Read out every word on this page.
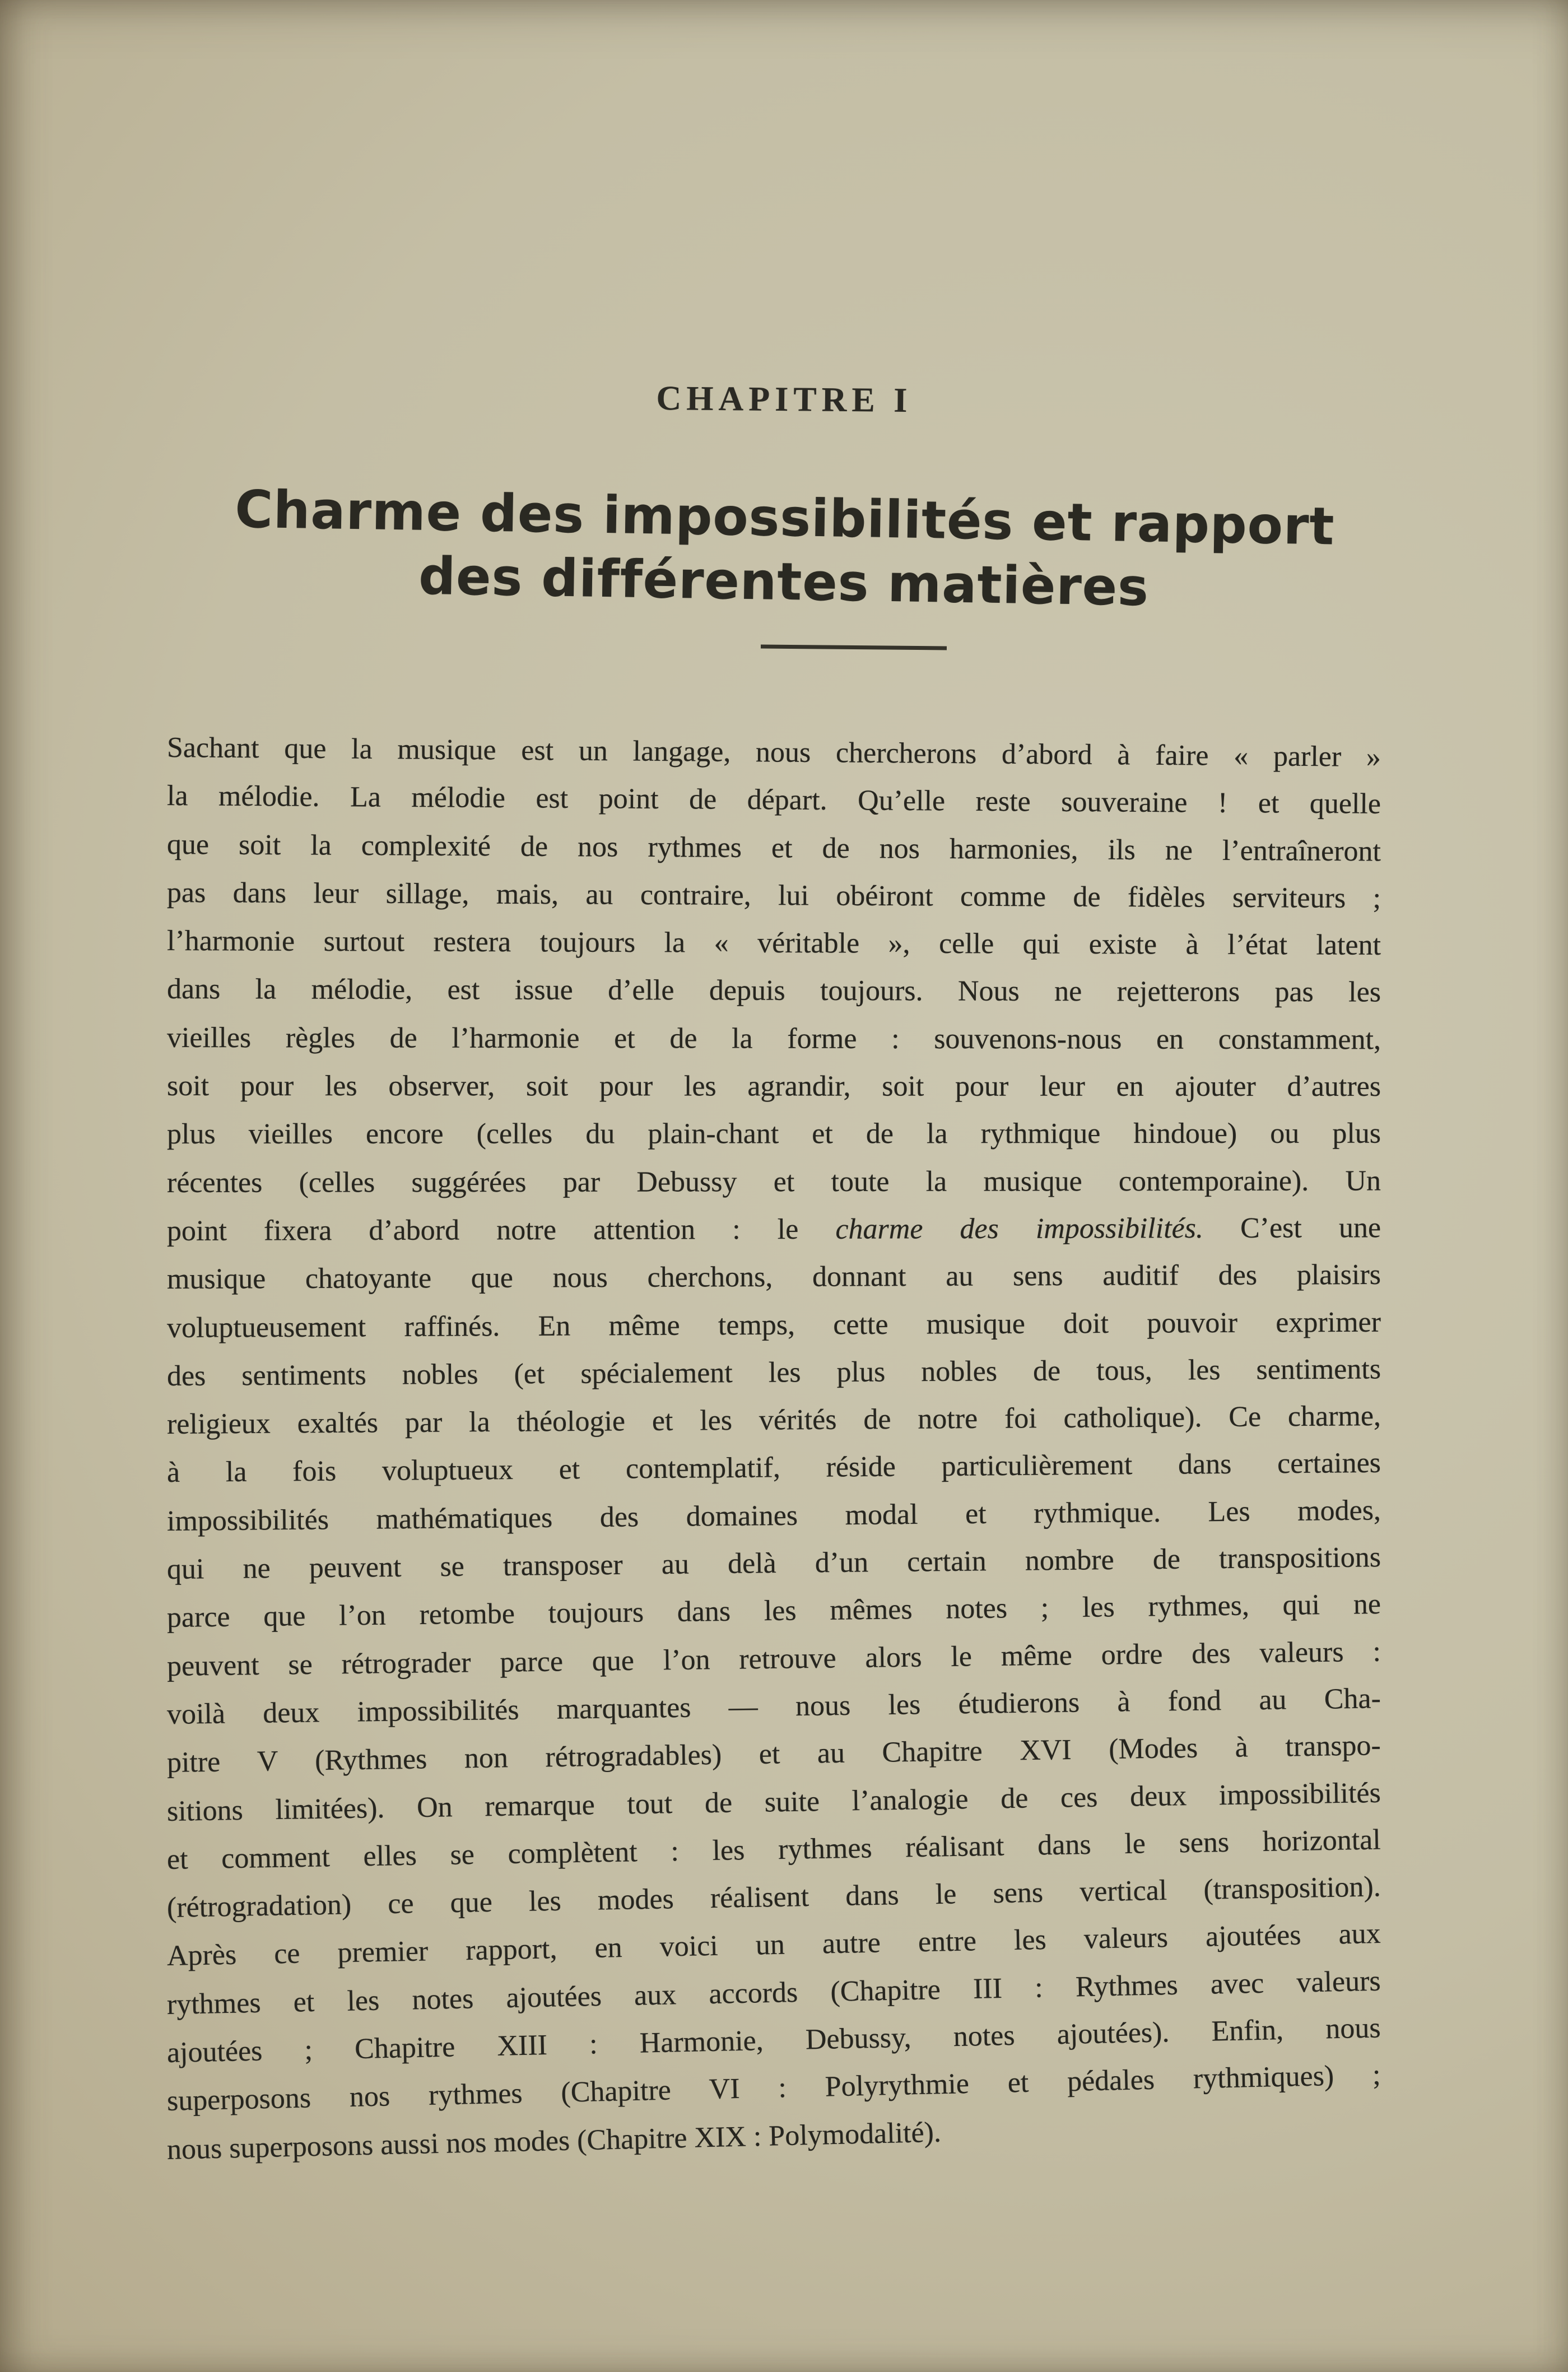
CHAPITRE I
Charme des impossibilités et rapport
des différentes matières
Sachant que la musique est un langage, nous chercherons d’abord à faire « parler »
la mélodie. La mélodie est point de départ. Qu’elle reste souveraine ! et quelle
que soit la complexité de nos rythmes et de nos harmonies, ils ne l’entraîneront
pas dans leur sillage, mais, au contraire, lui obéiront comme de fidèles serviteurs ;
l’harmonie surtout restera toujours la « véritable », celle qui existe à l’état latent
dans la mélodie, est issue d’elle depuis toujours. Nous ne rejetterons pas les
vieilles règles de l’harmonie et de la forme : souvenons-nous en constamment,
soit pour les observer, soit pour les agrandir, soit pour leur en ajouter d’autres
plus vieilles encore (celles du plain-chant et de la rythmique hindoue) ou plus
récentes (celles suggérées par Debussy et toute la musique contemporaine). Un
point fixera d’abord notre attention : le charme des impossibilités. C’est une
musique chatoyante que nous cherchons, donnant au sens auditif des plaisirs
voluptueusement raffinés. En même temps, cette musique doit pouvoir exprimer
des sentiments nobles (et spécialement les plus nobles de tous, les sentiments
religieux exaltés par la théologie et les vérités de notre foi catholique). Ce charme,
à la fois voluptueux et contemplatif, réside particulièrement dans certaines
impossibilités mathématiques des domaines modal et rythmique. Les modes,
qui ne peuvent se transposer au delà d’un certain nombre de transpositions
parce que l’on retombe toujours dans les mêmes notes ; les rythmes, qui ne
peuvent se rétrograder parce que l’on retrouve alors le même ordre des valeurs :
voilà deux impossibilités marquantes — nous les étudierons à fond au Cha-
pitre V (Rythmes non rétrogradables) et au Chapitre XVI (Modes à transpo-
sitions limitées). On remarque tout de suite l’analogie de ces deux impossibilités
et comment elles se complètent : les rythmes réalisant dans le sens horizontal
(rétrogradation) ce que les modes réalisent dans le sens vertical (transposition).
Après ce premier rapport, en voici un autre entre les valeurs ajoutées aux
rythmes et les notes ajoutées aux accords (Chapitre III : Rythmes avec valeurs
ajoutées ; Chapitre XIII : Harmonie, Debussy, notes ajoutées). Enfin, nous
superposons nos rythmes (Chapitre VI : Polyrythmie et pédales rythmiques) ;
nous superposons aussi nos modes (Chapitre XIX : Polymodalité).
